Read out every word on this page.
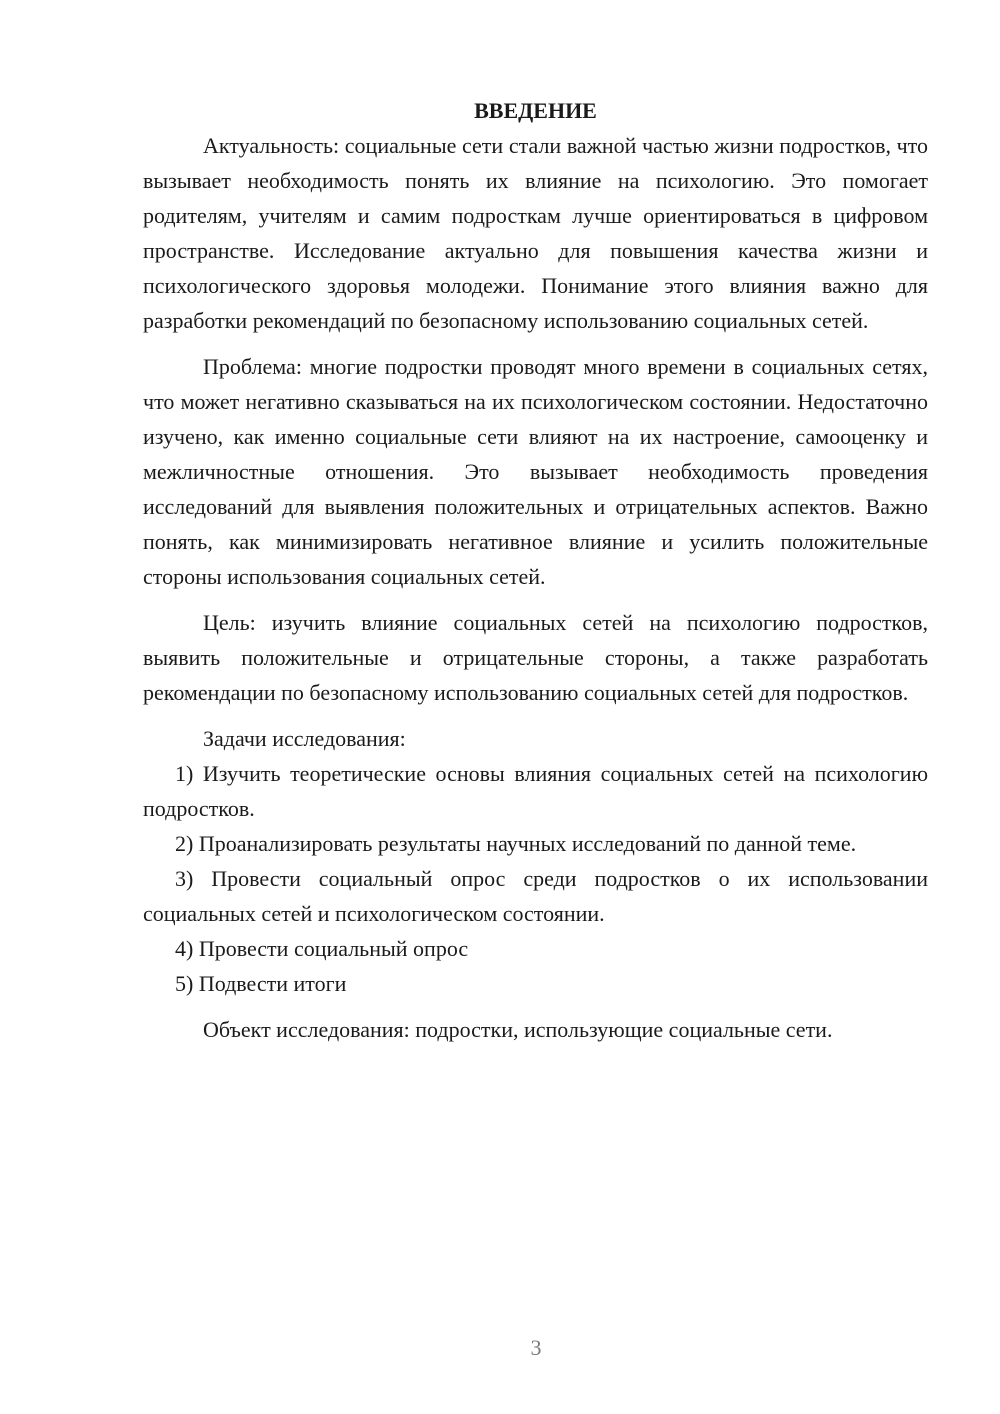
ВВЕДЕНИЕ

Актуальность: социальные сети стали важной частью жизни подростков, что вызывает необходимость понять их влияние на психологию. Это помогает родителям, учителям и самим подросткам лучше ориентироваться в цифровом пространстве. Исследование актуально для повышения качества жизни и психологического здоровья молодежи. Понимание этого влияния важно для разработки рекомендаций по безопасному использованию социальных сетей.

Проблема: многие подростки проводят много времени в социальных сетях, что может негативно сказываться на их психологическом состоянии. Недостаточно изучено, как именно социальные сети влияют на их настроение, самооценку и межличностные отношения. Это вызывает необходимость проведения исследований для выявления положительных и отрицательных аспектов. Важно понять, как минимизировать негативное влияние и усилить положительные стороны использования социальных сетей.

Цель: изучить влияние социальных сетей на психологию подростков, выявить положительные и отрицательные стороны, а также разработать рекомендации по безопасному использованию социальных сетей для подростков.

Задачи исследования:

1) Изучить теоретические основы влияния социальных сетей на психологию подростков.

2) Проанализировать результаты научных исследований по данной теме.

3) Провести социальный опрос среди подростков о их использовании социальных сетей и психологическом состоянии.

4) Провести социальный опрос

5) Подвести итоги

Объект исследования: подростки, использующие социальные сети.

3
